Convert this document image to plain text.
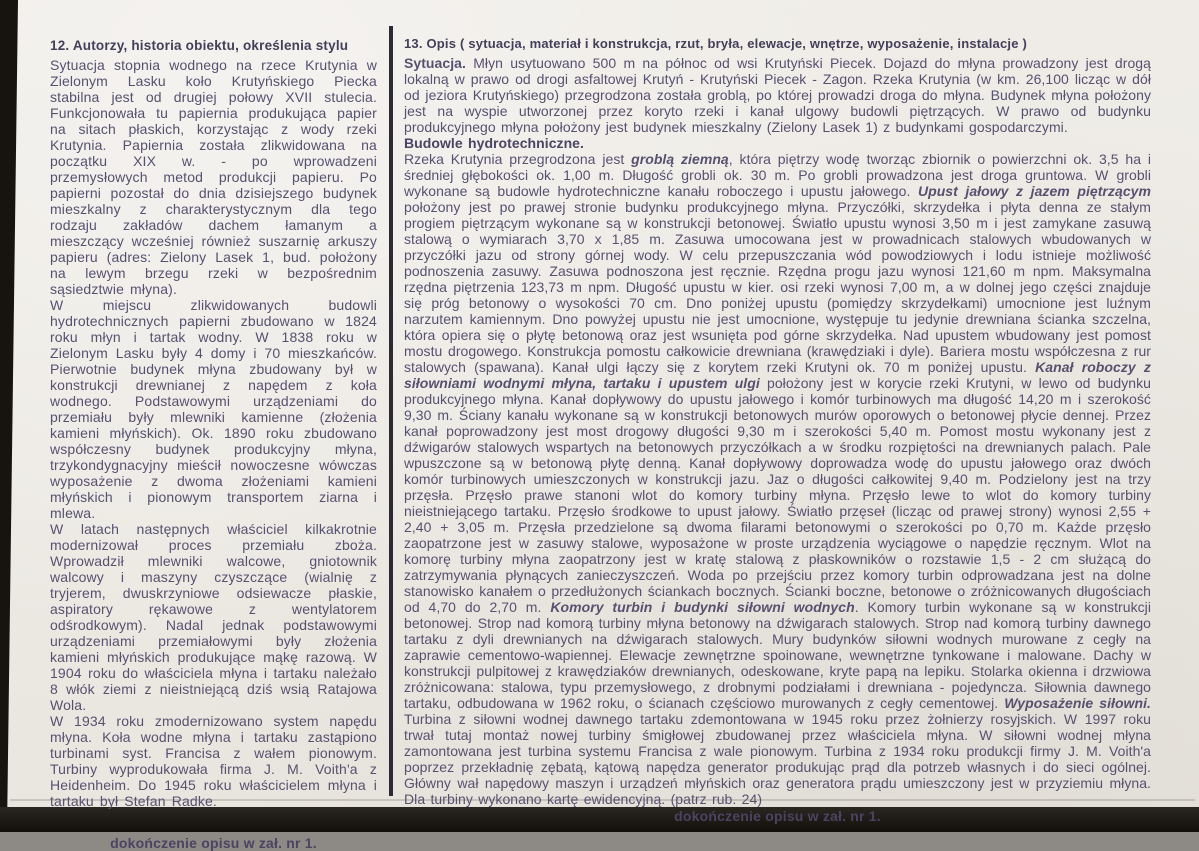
12. Autorzy, historia obiektu, określenia stylu

Sytuacja stopnia wodnego na rzece Krutynia w Zielonym Lasku koło Krutyńskiego Piecka stabilna jest od drugiej połowy XVII stulecia. Funkcjonowała tu papiernia produkująca papier na sitach płaskich, korzystając z wody rzeki Krutynia. Papiernia została zlikwidowana na początku XIX w. - po wprowadzeni przemysłowych metod produkcji papieru. Po papierni pozostał do dnia dzisiejszego budynek mieszkalny z charakterystycznym dla tego rodzaju zakładów dachem łamanym a mieszczący wcześniej również suszarnię arkuszy papieru (adres: Zielony Lasek 1, bud. położony na lewym brzegu rzeki w bezpośrednim sąsiedztwie młyna).

W miejscu zlikwidowanych budowli hydrotechnicznych papierni zbudowano w 1824 roku młyn i tartak wodny. W 1838 roku w Zielonym Lasku były 4 domy i 70 mieszkańców. Pierwotnie budynek młyna zbudowany był w konstrukcji drewnianej z napędem z koła wodnego. Podstawowymi urządzeniami do przemiału były mlewniki kamienne (złożenia kamieni młyńskich). Ok. 1890 roku zbudowano współczesny budynek produkcyjny młyna, trzykondygnacyjny mieścił nowoczesne wówczas wyposażenie z dwoma złożeniami kamieni młyńskich i pionowym transportem ziarna i mlewa.

W latach następnych właściciel kilkakrotnie modernizował proces przemiału zboża. Wprowadził mlewniki walcowe, gniotownik walcowy i maszyny czyszczące (wialnię z tryjerem, dwuskrzyniowe odsiewacze płaskie, aspiratory rękawowe z wentylatorem odśrodkowym). Nadal jednak podstawowymi urządzeniami przemiałowymi były złożenia kamieni młyńskich produkujące mąkę razową. W 1904 roku do właściciela młyna i tartaku należało 8 włók ziemi z nieistniejącą dziś wsią Ratajowa Wola.

W 1934 roku zmodernizowano system napędu młyna. Koła wodne młyna i tartaku zastąpiono turbinami syst. Francisa z wałem pionowym. Turbiny wyprodukowała firma J. M. Voith'a z Heidenheim. Do 1945 roku właścicielem młyna i tartaku był Stefan Radke.

dokończenie opisu w zał. nr 1.

13. Opis ( sytuacja, materiał i konstrukcja, rzut, bryła, elewacje, wnętrze, wyposażenie, instalacje )

Sytuacja. Młyn usytuowano 500 m na północ od wsi Krutyński Piecek. Dojazd do młyna prowadzony jest drogą lokalną w prawo od drogi asfaltowej Krutyń - Krutyński Piecek - Zagon. Rzeka Krutynia (w km. 26,100 licząc w dół od jeziora Krutyńskiego) przegrodzona została groblą, po której prowadzi droga do młyna. Budynek młyna położony jest na wyspie utworzonej przez koryto rzeki i kanał ulgowy budowli piętrzących. W prawo od budynku produkcyjnego młyna położony jest budynek mieszkalny (Zielony Lasek 1) z budynkami gospodarczymi.

Budowle hydrotechniczne.

Rzeka Krutynia przegrodzona jest groblą ziemną, która piętrzy wodę tworząc zbiornik o powierzchni ok. 3,5 ha i średniej głębokości ok. 1,00 m. Długość grobli ok. 30 m. Po grobli prowadzona jest droga gruntowa. W grobli wykonane są budowle hydrotechniczne kanału roboczego i upustu jałowego. Upust jałowy z jazem piętrzącym położony jest po prawej stronie budynku produkcyjnego młyna. Przyczółki, skrzydełka i płyta denna ze stałym progiem piętrzącym wykonane są w konstrukcji betonowej. Światło upustu wynosi 3,50 m i jest zamykane zasuwą stalową o wymiarach 3,70 x 1,85 m. Zasuwa umocowana jest w prowadnicach stalowych wbudowanych w przyczółki jazu od strony górnej wody. W celu przepuszczania wód powodziowych i lodu istnieje możliwość podnoszenia zasuwy. Zasuwa podnoszona jest ręcznie. Rzędna progu jazu wynosi 121,60 m npm. Maksymalna rzędna piętrzenia 123,73 m npm. Długość upustu w kier. osi rzeki wynosi 7,00 m, a w dolnej jego części znajduje się próg betonowy o wysokości 70 cm. Dno poniżej upustu (pomiędzy skrzydełkami) umocnione jest luźnym narzutem kamiennym. Dno powyżej upustu nie jest umocnione, występuje tu jedynie drewniana ścianka szczelna, która opiera się o płytę betonową oraz jest wsunięta pod górne skrzydełka. Nad upustem wbudowany jest pomost mostu drogowego. Konstrukcja pomostu całkowicie drewniana (krawędziaki i dyle). Bariera mostu współczesna z rur stalowych (spawana). Kanał ulgi łączy się z korytem rzeki Krutyni ok. 70 m poniżej upustu. Kanał roboczy z siłowniami wodnymi młyna, tartaku i upustem ulgi położony jest w korycie rzeki Krutyni, w lewo od budynku produkcyjnego młyna. Kanał dopływowy do upustu jałowego i komór turbinowych ma długość 14,20 m i szerokość 9,30 m. Ściany kanału wykonane są w konstrukcji betonowych murów oporowych o betonowej płycie dennej. Przez kanał poprowadzony jest most drogowy długości 9,30 m i szerokości 5,40 m. Pomost mostu wykonany jest z dźwigarów stalowych wspartych na betonowych przyczółkach a w środku rozpiętości na drewnianych palach. Pale wpuszczone są w betonową płytę denną. Kanał dopływowy doprowadza wodę do upustu jałowego oraz dwóch komór turbinowych umieszczonych w konstrukcji jazu. Jaz o długości całkowitej 9,40 m. Podzielony jest na trzy przęsła. Przęsło prawe stanoni wlot do komory turbiny młyna. Przęsło lewe to wlot do komory turbiny nieistniejącego tartaku. Przęsło środkowe to upust jałowy. Światło przęseł (licząc od prawej strony) wynosi 2,55 + 2,40 + 3,05 m. Przęsła przedzielone są dwoma filarami betonowymi o szerokości po 0,70 m. Każde przęsło zaopatrzone jest w zasuwy stalowe, wyposażone w proste urządzenia wyciągowe o napędzie ręcznym. Wlot na komorę turbiny młyna zaopatrzony jest w kratę stalową z płaskowników o rozstawie 1,5 - 2 cm służącą do zatrzymywania płynących zanieczyszczeń. Woda po przejściu przez komory turbin odprowadzana jest na dolne stanowisko kanałem o przedłużonych ściankach bocznych. Ścianki boczne, betonowe o zróżnicowanych długościach od 4,70 do 2,70 m. Komory turbin i budynki siłowni wodnych. Komory turbin wykonane są w konstrukcji betonowej. Strop nad komorą turbiny młyna betonowy na dźwigarach stalowych. Strop nad komorą turbiny dawnego tartaku z dyli drewnianych na dźwigarach stalowych. Mury budynków siłowni wodnych murowane z cegły na zaprawie cementowo-wapiennej. Elewacje zewnętrzne spoinowane, wewnętrzne tynkowane i malowane. Dachy w konstrukcji pulpitowej z krawędziaków drewnianych, odeskowane, kryte papą na lepiku. Stolarka okienna i drzwiowa zróżnicowana: stalowa, typu przemysłowego, z drobnymi podziałami i drewniana - pojedyncza. Siłownia dawnego tartaku, odbudowana w 1962 roku, o ścianach częściowo murowanych z cegły cementowej. Wyposażenie siłowni. Turbina z siłowni wodnej dawnego tartaku zdemontowana w 1945 roku przez żołnierzy rosyjskich. W 1997 roku trwał tutaj montaż nowej turbiny śmigłowej zbudowanej przez właściciela młyna. W siłowni wodnej młyna zamontowana jest turbina systemu Francisa z wale pionowym. Turbina z 1934 roku produkcji firmy J. M. Voith'a poprzez przekładnię zębatą, kątową napędza generator produkując prąd dla potrzeb własnych i do sieci ogólnej. Główny wał napędowy maszyn i urządzeń młyńskich oraz generatora prądu umieszczony jest w przyziemiu młyna. Dla turbiny wykonano kartę ewidencyjną. (patrz rub. 24)

dokończenie opisu w zał. nr 1.
